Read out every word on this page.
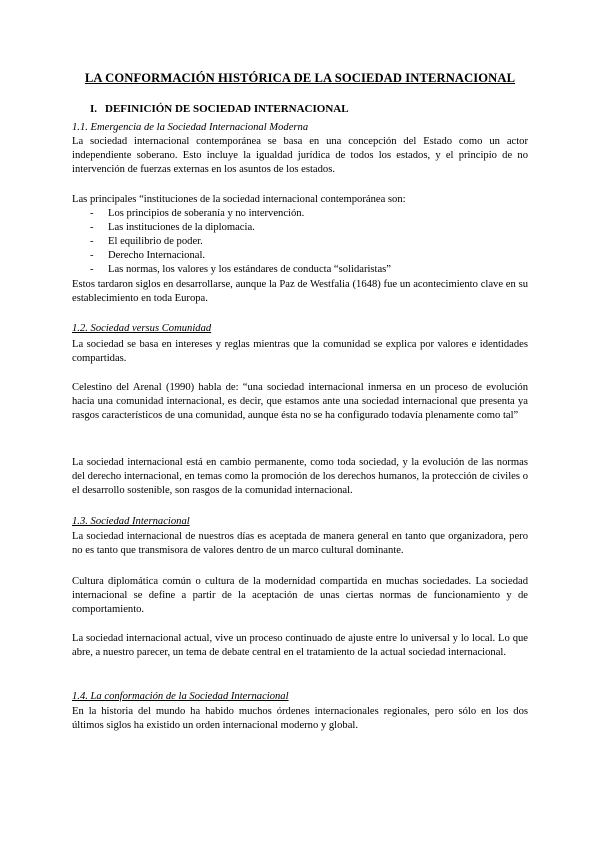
LA CONFORMACIÓN HISTÓRICA DE LA SOCIEDAD INTERNACIONAL
I. DEFINICIÓN DE SOCIEDAD INTERNACIONAL
1.1. Emergencia de la Sociedad Internacional Moderna
La sociedad internacional contemporánea se basa en una concepción del Estado como un actor independiente soberano. Esto incluye la igualdad jurídica de todos los estados, y el principio de no intervención de fuerzas externas en los asuntos de los estados.
Las principales “instituciones de la sociedad internacional contemporánea son:
- Los principios de soberanía y no intervención.
- Las instituciones de la diplomacia.
- El equilibrio de poder.
- Derecho Internacional.
- Las normas, los valores y los estándares de conducta “solidaristas”
Estos tardaron siglos en desarrollarse, aunque la Paz de Westfalia (1648) fue un acontecimiento clave en su establecimiento en toda Europa.
1.2. Sociedad versus Comunidad
La sociedad se basa en intereses y reglas mientras que la comunidad se explica por valores e identidades compartidas.
Celestino del Arenal (1990) habla de: “una sociedad internacional inmersa en un proceso de evolución hacia una comunidad internacional, es decir, que estamos ante una sociedad internacional que presenta ya rasgos característicos de una comunidad, aunque ésta no se ha configurado todavía plenamente como tal”
La sociedad internacional está en cambio permanente, como toda sociedad, y la evolución de las normas del derecho internacional, en temas como la promoción de los derechos humanos, la protección de civiles o el desarrollo sostenible, son rasgos de la comunidad internacional.
1.3. Sociedad Internacional
La sociedad internacional de nuestros días es aceptada de manera general en tanto que organizadora, pero no es tanto que transmisora de valores dentro de un marco cultural dominante.
Cultura diplomática común o cultura de la modernidad compartida en muchas sociedades. La sociedad internacional se define a partir de la aceptación de unas ciertas normas de funcionamiento y de comportamiento.
La sociedad internacional actual, vive un proceso continuado de ajuste entre lo universal y lo local. Lo que abre, a nuestro parecer, un tema de debate central en el tratamiento de la actual sociedad internacional.
1.4. La conformación de la Sociedad Internacional
En la historia del mundo ha habido muchos órdenes internacionales regionales, pero sólo en los dos últimos siglos ha existido un orden internacional moderno y global.
